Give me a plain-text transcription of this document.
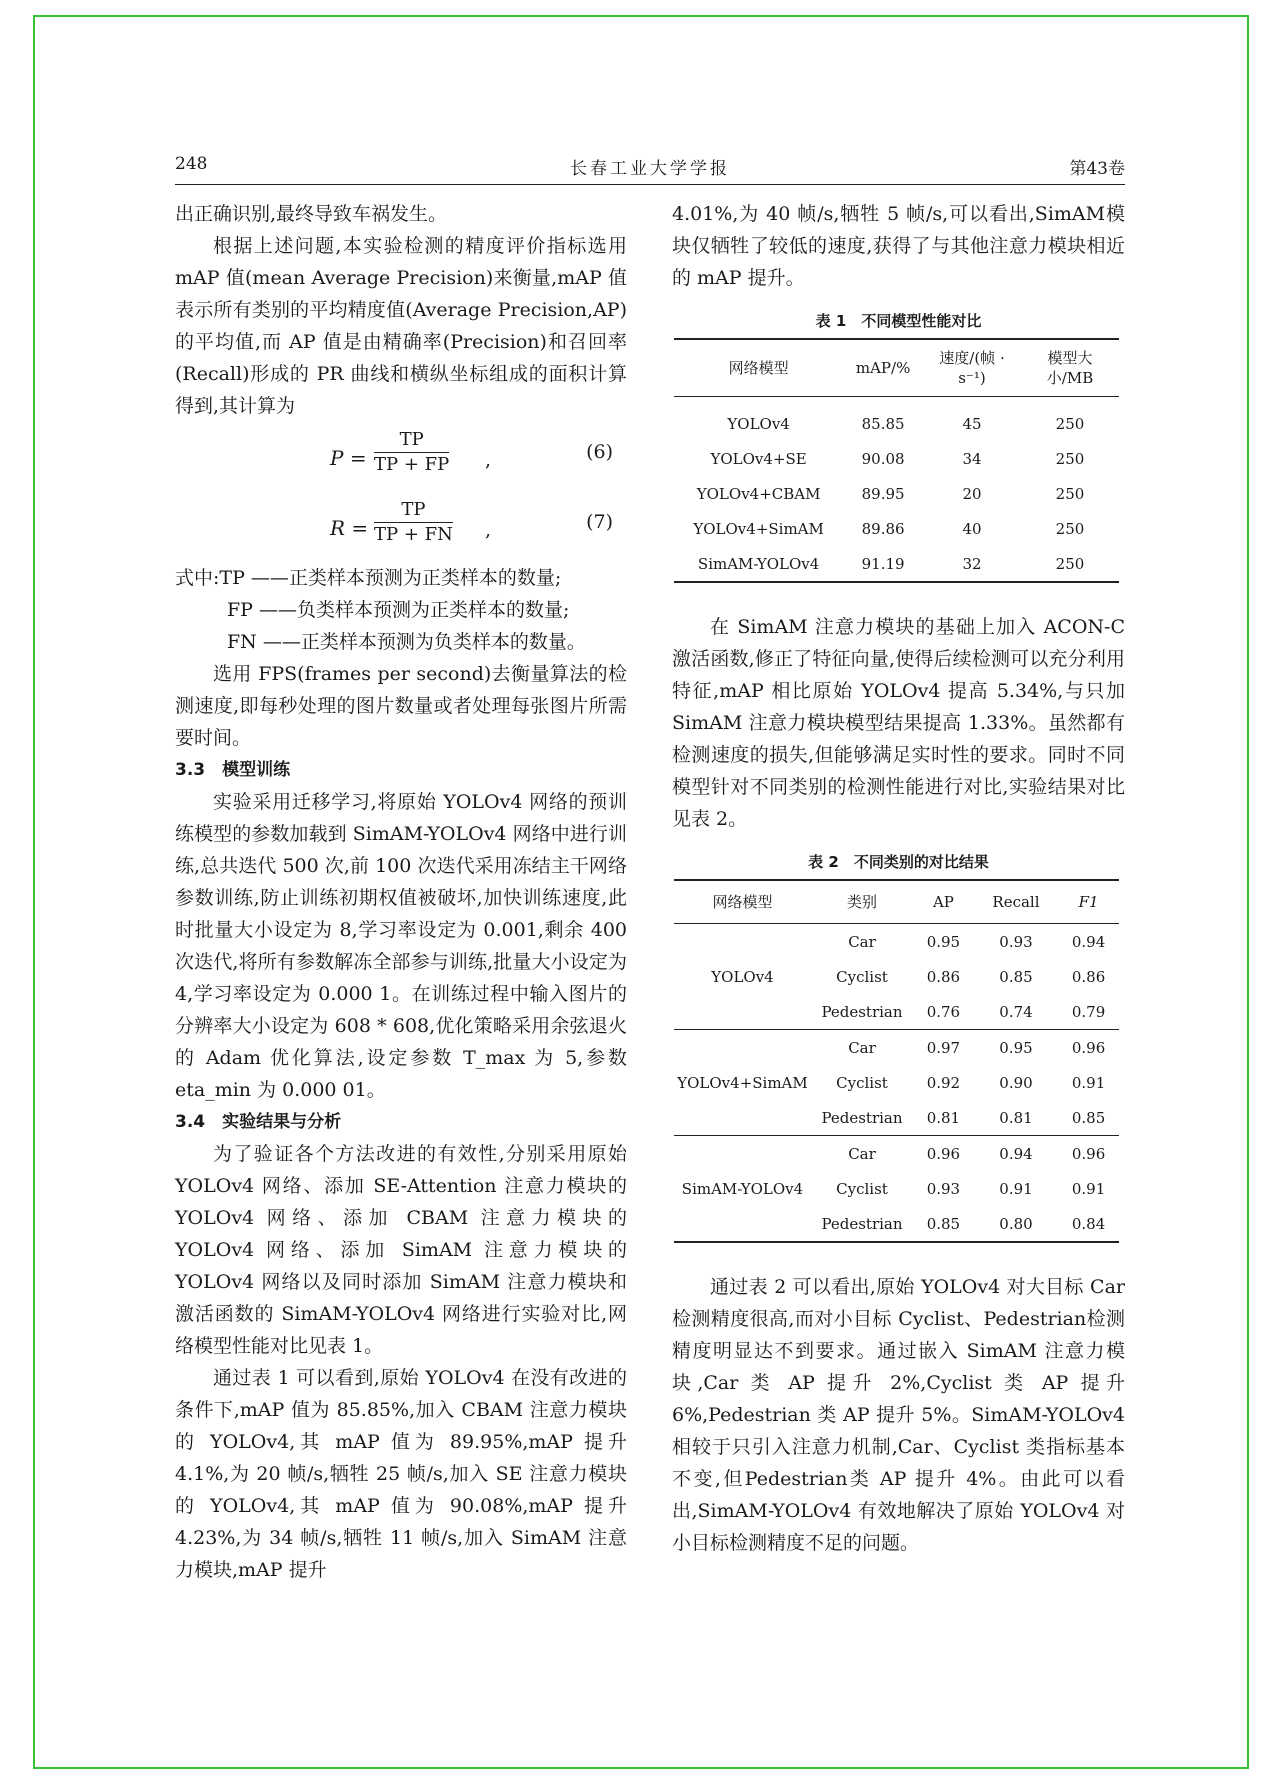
248	长春工业大学学报	第43卷

出正确识别,最终导致车祸发生。

根据上述问题,本实验检测的精度评价指标选用 mAP 值(mean Average Precision)来衡量,mAP 值表示所有类别的平均精度值(Average Precision,AP)的平均值,而 AP 值是由精确率(Precision)和召回率(Recall)形成的 PR 曲线和横纵坐标组成的面积计算得到,其计算为

$P = \frac{TP}{TP + FP}$ ,	(6)
$R = \frac{TP}{TP + FN}$ ,	(7)
式中:TP ——正类样本预测为正类样本的数量;
FP ——负类样本预测为正类样本的数量;
FN ——正类样本预测为负类样本的数量。

选用 FPS(frames per second)去衡量算法的检测速度,即每秒处理的图片数量或者处理每张图片所需要时间。

3.3　模型训练

实验采用迁移学习,将原始 YOLOv4 网络的预训练模型的参数加载到 SimAM-YOLOv4 网络中进行训练,总共迭代 500 次,前 100 次迭代采用冻结主干网络参数训练,防止训练初期权值被破坏,加快训练速度,此时批量大小设定为 8,学习率设定为 0.001,剩余 400 次迭代,将所有参数解冻全部参与训练,批量大小设定为 4,学习率设定为 0.000 1。在训练过程中输入图片的分辨率大小设定为 608 * 608,优化策略采用余弦退火的 Adam 优化算法,设定参数 T_max 为 5,参数 eta_min 为 0.000 01。

3.4　实验结果与分析

为了验证各个方法改进的有效性,分别采用原始 YOLOv4 网络、添加 SE-Attention 注意力模块的 YOLOv4 网络、添加 CBAM 注意力模块的 YOLOv4 网络、添加 SimAM 注意力模块的 YOLOv4 网络以及同时添加 SimAM 注意力模块和激活函数的 SimAM-YOLOv4 网络进行实验对比,网络模型性能对比见表 1。

通过表 1 可以看到,原始 YOLOv4 在没有改进的条件下,mAP 值为 85.85%,加入 CBAM 注意力模块的 YOLOv4,其 mAP 值为 89.95%,mAP 提升 4.1%,为 20 帧/s,牺牲 25 帧/s,加入 SE 注意力模块的 YOLOv4,其 mAP 值为 90.08%,mAP 提升 4.23%,为 34 帧/s,牺牲 11 帧/s,加入 SimAM 注意力模块,mAP 提升

4.01%,为 40 帧/s,牺牲 5 帧/s,可以看出,SimAM模块仅牺牲了较低的速度,获得了与其他注意力模块相近的 mAP 提升。

表 1　不同模型性能对比
网络模型	mAP/%	速度/(帧 · s⁻¹)	模型大小/MB
YOLOv4	85.85	45	250
YOLOv4+SE	90.08	34	250
YOLOv4+CBAM	89.95	20	250
YOLOv4+SimAM	89.86	40	250
SimAM-YOLOv4	91.19	32	250

在 SimAM 注意力模块的基础上加入 ACON-C激活函数,修正了特征向量,使得后续检测可以充分利用特征,mAP 相比原始 YOLOv4 提高 5.34%,与只加 SimAM 注意力模块模型结果提高 1.33%。虽然都有检测速度的损失,但能够满足实时性的要求。同时不同模型针对不同类别的检测性能进行对比,实验结果对比见表 2。

表 2　不同类别的对比结果
网络模型	类别	AP	Recall	F1
YOLOv4	Car	0.95	0.93	0.94
	Cyclist	0.86	0.85	0.86
	Pedestrian	0.76	0.74	0.79
YOLOv4+SimAM	Car	0.97	0.95	0.96
	Cyclist	0.92	0.90	0.91
	Pedestrian	0.81	0.81	0.85
SimAM-YOLOv4	Car	0.96	0.94	0.96
	Cyclist	0.93	0.91	0.91
	Pedestrian	0.85	0.80	0.84

通过表 2 可以看出,原始 YOLOv4 对大目标 Car 检测精度很高,而对小目标 Cyclist、Pedestrian检测精度明显达不到要求。通过嵌入 SimAM 注意力模块,Car 类 AP 提升 2%,Cyclist 类 AP 提升 6%,Pedestrian 类 AP 提升 5%。SimAM-YOLOv4 相较于只引入注意力机制,Car、Cyclist 类指标基本不变,但Pedestrian类 AP 提升 4%。由此可以看出,SimAM-YOLOv4 有效地解决了原始 YOLOv4 对小目标检测精度不足的问题。
